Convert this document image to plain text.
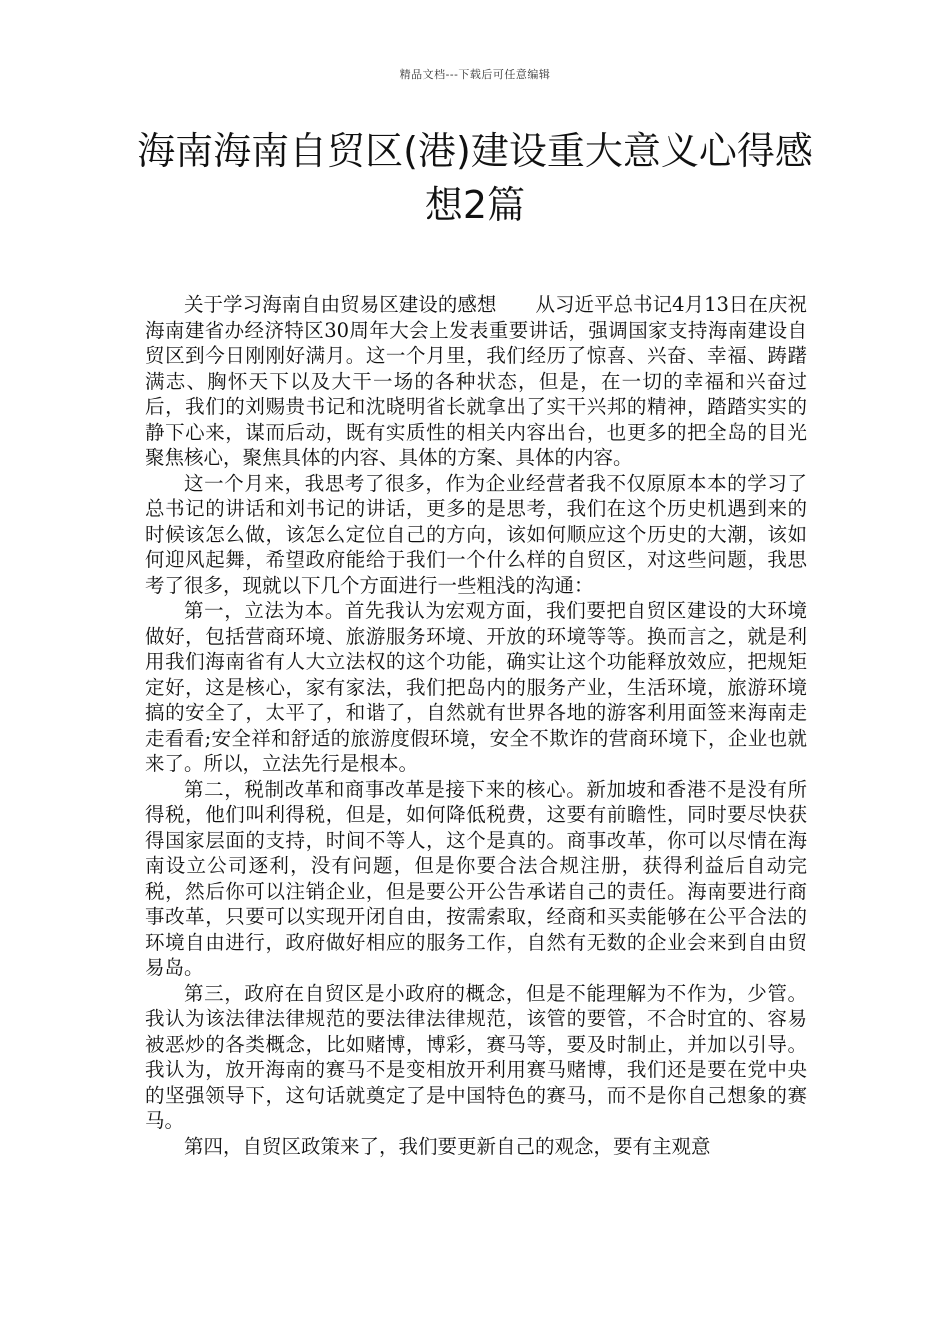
精品文档---下载后可任意编辑
海南海南自贸区(港)建设重大意义心得感想2篇

关于学习海南自由贸易区建设的感想　　从习近平总书记4月13日在庆祝海南建省办经济特区30周年大会上发表重要讲话，强调国家支持海南建设自贸区到今日刚刚好满月。这一个月里，我们经历了惊喜、兴奋、幸福、踌躇满志、胸怀天下以及大干一场的各种状态，但是，在一切的幸福和兴奋过后，我们的刘赐贵书记和沈晓明省长就拿出了实干兴邦的精神，踏踏实实的静下心来，谋而后动，既有实质性的相关内容出台，也更多的把全岛的目光聚焦核心，聚焦具体的内容、具体的方案、具体的内容。

这一个月来，我思考了很多，作为企业经营者我不仅原原本本的学习了总书记的讲话和刘书记的讲话，更多的是思考，我们在这个历史机遇到来的时候该怎么做，该怎么定位自己的方向，该如何顺应这个历史的大潮，该如何迎风起舞，希望政府能给于我们一个什么样的自贸区，对这些问题，我思考了很多，现就以下几个方面进行一些粗浅的沟通：

第一，立法为本。首先我认为宏观方面，我们要把自贸区建设的大环境做好，包括营商环境、旅游服务环境、开放的环境等等。换而言之，就是利用我们海南省有人大立法权的这个功能，确实让这个功能释放效应，把规矩定好，这是核心，家有家法，我们把岛内的服务产业，生活环境，旅游环境搞的安全了，太平了，和谐了，自然就有世界各地的游客利用面签来海南走走看看;安全祥和舒适的旅游度假环境，安全不欺诈的营商环境下，企业也就来了。所以，立法先行是根本。

第二，税制改革和商事改革是接下来的核心。新加坡和香港不是没有所得税，他们叫利得税，但是，如何降低税费，这要有前瞻性，同时要尽快获得国家层面的支持，时间不等人，这个是真的。商事改革，你可以尽情在海南设立公司逐利，没有问题，但是你要合法合规注册，获得利益后自动完税，然后你可以注销企业，但是要公开公告承诺自己的责任。海南要进行商事改革，只要可以实现开闭自由，按需索取，经商和买卖能够在公平合法的环境自由进行，政府做好相应的服务工作，自然有无数的企业会来到自由贸易岛。

第三，政府在自贸区是小政府的概念，但是不能理解为不作为，少管。我认为该法律法律规范的要法律法律规范，该管的要管，不合时宜的、容易被恶炒的各类概念，比如赌博，博彩，赛马等，要及时制止，并加以引导。我认为，放开海南的赛马不是变相放开利用赛马赌博，我们还是要在党中央的坚强领导下，这句话就奠定了是中国特色的赛马，而不是你自己想象的赛马。

第四，自贸区政策来了，我们要更新自己的观念，要有主观意
